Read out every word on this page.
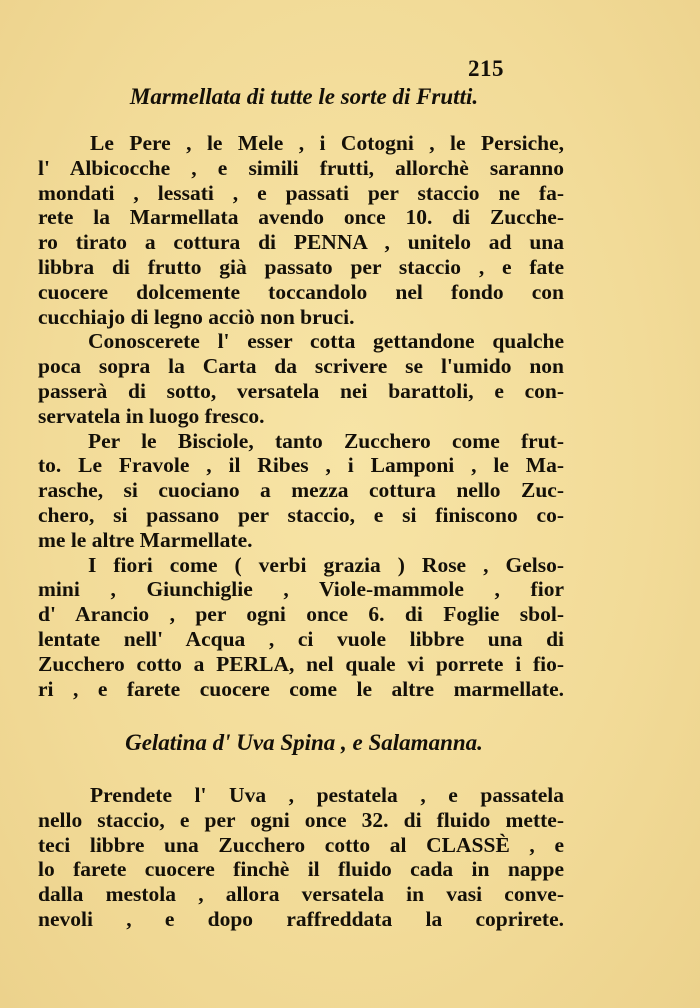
215
Marmellata di tutte le sorte di Frutti.
Le Pere , le Mele , i Cotogni , le Persiche,
l' Albicocche , e simili frutti, allorchè saranno
mondati , lessati , e passati per staccio ne fa-
rete la Marmellata avendo once 10. di Zucche-
ro tirato a cottura di PENNA , unitelo ad una
libbra di frutto già passato per staccio , e fate
cuocere dolcemente toccandolo nel fondo con
cucchiajo di legno acciò non bruci.
Conoscerete l' esser cotta gettandone qualche
poca sopra la Carta da scrivere se l'umido non
passerà di sotto, versatela nei barattoli, e con-
servatela in luogo fresco.
Per le Bisciole, tanto Zucchero come frut-
to. Le Fravole , il Ribes , i Lamponi , le Ma-
rasche, si cuociano a mezza cottura nello Zuc-
chero, si passano per staccio, e si finiscono co-
me le altre Marmellate.
I fiori come ( verbi grazia ) Rose , Gelso-
mini , Giunchiglie , Viole-mammole , fior
d' Arancio , per ogni once 6. di Foglie sbol-
lentate nell' Acqua , ci vuole libbre una di
Zucchero cotto a PERLA, nel quale vi porrete i fio-
ri , e farete cuocere come le altre marmellate.
Gelatina d' Uva Spina , e Salamanna.
Prendete l' Uva , pestatela , e passatela
nello staccio, e per ogni once 32. di fluido mette-
teci libbre una Zucchero cotto al CLASSÈ , e
lo farete cuocere finchè il fluido cada in nappe
dalla mestola , allora versatela in vasi conve-
nevoli , e dopo raffreddata la coprirete.
